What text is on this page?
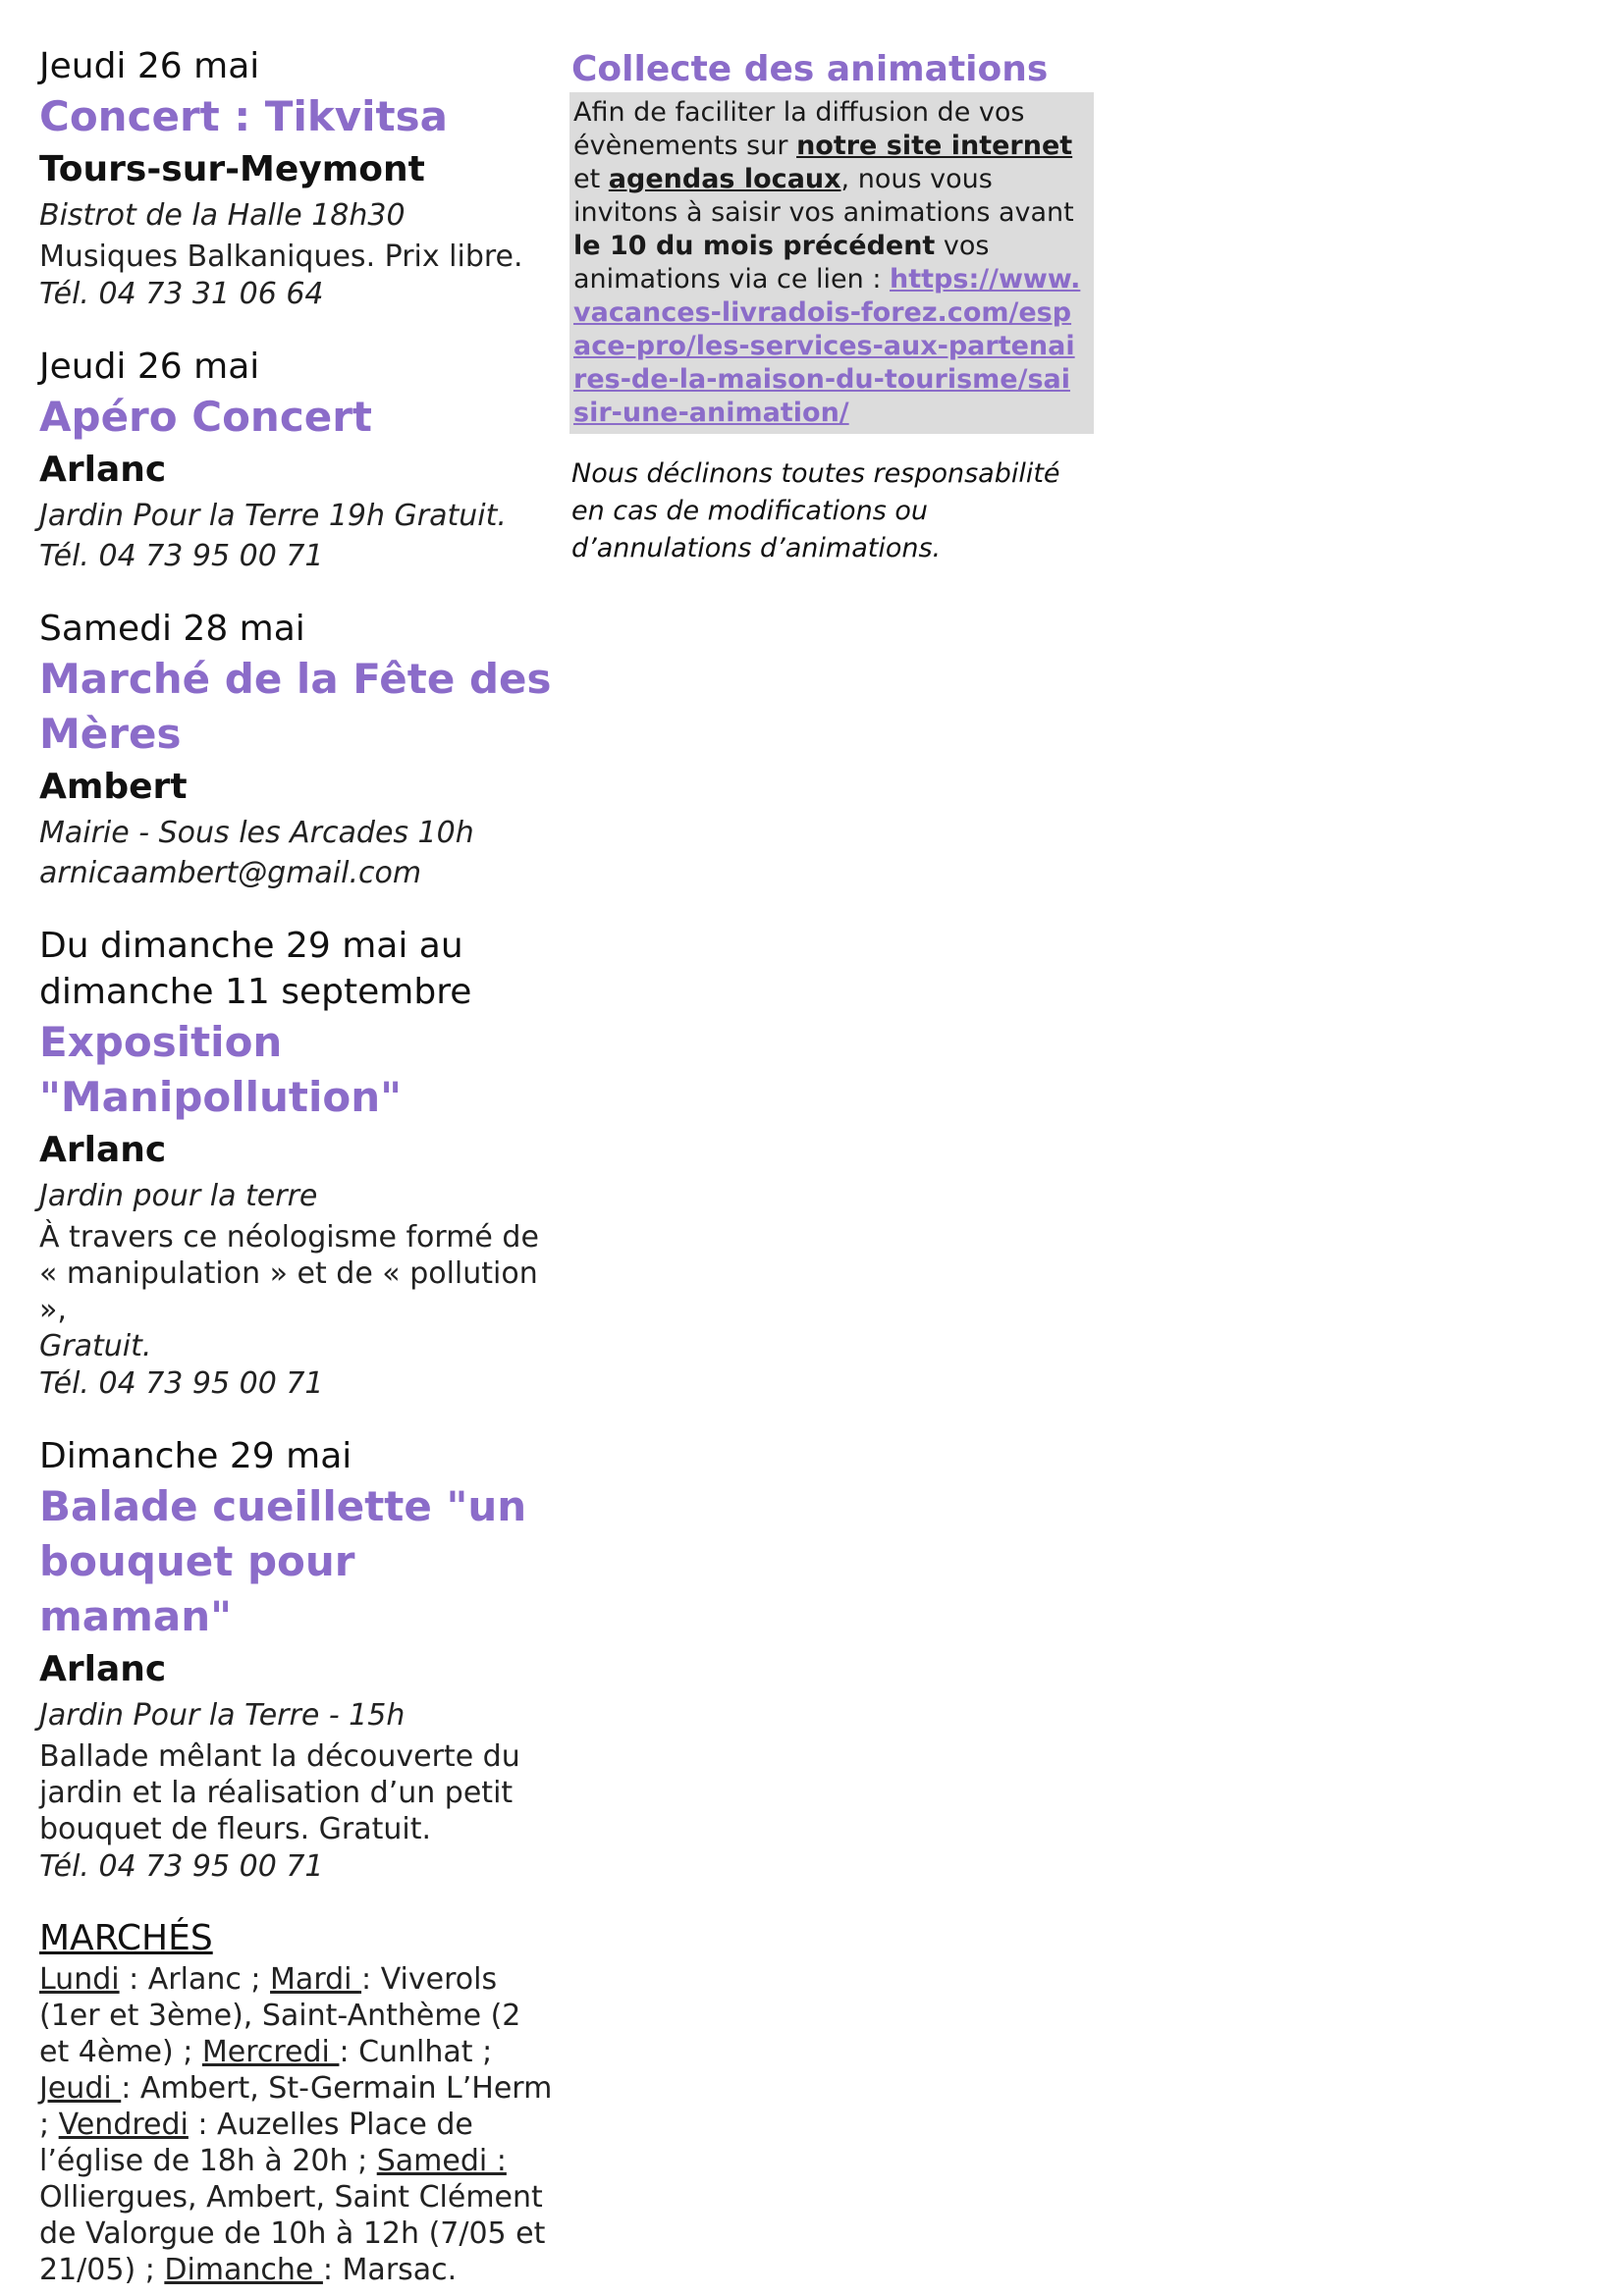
Jeudi 26 mai
Concert : Tikvitsa
Tours-sur-Meymont
Bistrot de la Halle 18h30
Musiques Balkaniques. Prix libre.
Tél. 04 73 31 06 64
Jeudi 26 mai
Apéro Concert
Arlanc
Jardin Pour la Terre 19h Gratuit.
Tél. 04 73 95 00 71
Samedi 28 mai
Marché de la Fête des Mères
Ambert
Mairie - Sous les Arcades 10h
arnicaambert@gmail.com
Du dimanche 29 mai au dimanche 11 septembre
Exposition "Manipollution"
Arlanc
Jardin pour la terre
À travers ce néologisme formé de « manipulation » et de « pollution »,
Gratuit.
Tél. 04 73 95 00 71
Dimanche 29 mai
Balade cueillette "un bouquet pour maman"
Arlanc
Jardin Pour la Terre - 15h
Ballade mêlant la découverte du jardin et la réalisation d’un petit bouquet de fleurs. Gratuit.
Tél. 04 73 95 00 71
MARCHÉS
Lundi : Arlanc ; Mardi : Viverols (1er et 3ème), Saint-Anthème (2 et 4ème) ; Mercredi : Cunlhat ; Jeudi : Ambert, St-Germain L’Herm ; Vendredi : Auzelles Place de l’église de 18h à 20h ; Samedi : Olliergues, Ambert, Saint Clément de Valorgue de 10h à 12h (7/05 et 21/05) ; Dimanche : Marsac.
Collecte des animations
Afin de faciliter la diffusion de vos évènements sur notre site internet et agendas locaux, nous vous invitons à saisir vos animations avant le 10 du mois précédent vos animations via ce lien : https://www.vacances-livradois-forez.com/espace-pro/les-services-aux-partenaires-de-la-maison-du-tourisme/saisir-une-animation/
Nous déclinons toutes responsabilité en cas de modifications ou d’annulations d’animations.
